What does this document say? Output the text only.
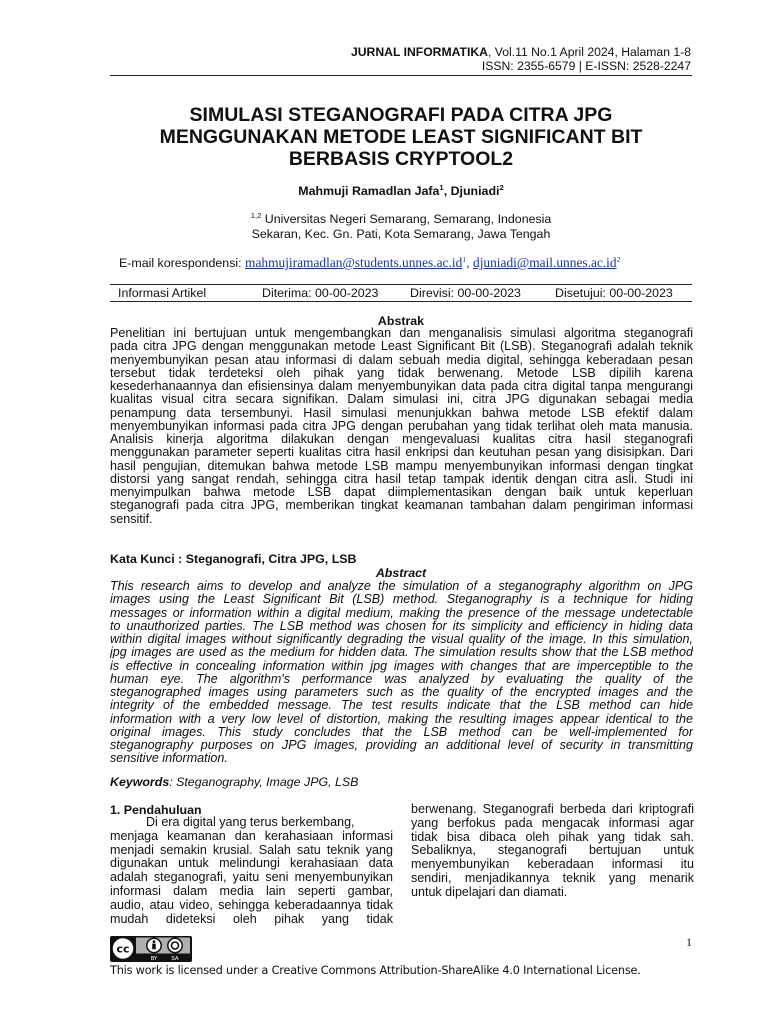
JURNAL INFORMATIKA, Vol.11 No.1 April 2024, Halaman 1-8
ISSN: 2355-6579 | E-ISSN: 2528-2247
SIMULASI STEGANOGRAFI PADA CITRA JPG
MENGGUNAKAN METODE LEAST SIGNIFICANT BIT
BERBASIS CRYPTOOL2
Mahmuji Ramadlan Jafa$^1$, Djuniadi$^2$
$^{1,2}$ Universitas Negeri Semarang, Semarang, Indonesia
Sekaran, Kec. Gn. Pati, Kota Semarang, Jawa Tengah
E-mail korespondensi: $mahmujiramadlan@students.unnes.ac.id^1$, $djuniadi@mail.unnes.ac.id^2$
Informasi Artikel	Diterima: 00-00-2023	Direvisi: 00-00-2023	Disetujui: 00-00-2023
Abstrak
Penelitian ini bertujuan untuk mengembangkan dan menganalisis simulasi algoritma steganografi
pada citra JPG dengan menggunakan metode Least Significant Bit (LSB). Steganografi adalah teknik
menyembunyikan pesan atau informasi di dalam sebuah media digital, sehingga keberadaan pesan
tersebut tidak terdeteksi oleh pihak yang tidak berwenang. Metode LSB dipilih karena
kesederhanaannya dan efisiensinya dalam menyembunyikan data pada citra digital tanpa mengurangi
kualitas visual citra secara signifikan. Dalam simulasi ini, citra JPG digunakan sebagai media
penampung data tersembunyi. Hasil simulasi menunjukkan bahwa metode LSB efektif dalam
menyembunyikan informasi pada citra JPG dengan perubahan yang tidak terlihat oleh mata manusia.
Analisis kinerja algoritma dilakukan dengan mengevaluasi kualitas citra hasil steganografi
menggunakan parameter seperti kualitas citra hasil enkripsi dan keutuhan pesan yang disisipkan. Dari
hasil pengujian, ditemukan bahwa metode LSB mampu menyembunyikan informasi dengan tingkat
distorsi yang sangat rendah, sehingga citra hasil tetap tampak identik dengan citra asli. Studi ini
menyimpulkan bahwa metode LSB dapat diimplementasikan dengan baik untuk keperluan
steganografi pada citra JPG, memberikan tingkat keamanan tambahan dalam pengiriman informasi
sensitif.
Kata Kunci : Steganografi, Citra JPG, LSB
Abstract
This research aims to develop and analyze the simulation of a steganography algorithm on JPG
images using the Least Significant Bit (LSB) method. Steganography is a technique for hiding
messages or information within a digital medium, making the presence of the message undetectable
to unauthorized parties. The LSB method was chosen for its simplicity and efficiency in hiding data
within digital images without significantly degrading the visual quality of the image. In this simulation,
jpg images are used as the medium for hidden data. The simulation results show that the LSB method
is effective in concealing information within jpg images with changes that are imperceptible to the
human eye. The algorithm's performance was analyzed by evaluating the quality of the
steganographed images using parameters such as the quality of the encrypted images and the
integrity of the embedded message. The test results indicate that the LSB method can hide
information with a very low level of distortion, making the resulting images appear identical to the
original images. This study concludes that the LSB method can be well-implemented for
steganography purposes on JPG images, providing an additional level of security in transmitting
sensitive information.
Keywords: Steganography, Image JPG, LSB
1. Pendahuluan
Di era digital yang terus berkembang,
menjaga keamanan dan kerahasiaan informasi
menjadi semakin krusial. Salah satu teknik yang
digunakan untuk melindungi kerahasiaan data
adalah steganografi, yaitu seni menyembunyikan
informasi dalam media lain seperti gambar,
audio, atau video, sehingga keberadaannya tidak
mudah dideteksi oleh pihak yang tidak
berwenang. Steganografi berbeda dari kriptografi
yang berfokus pada mengacak informasi agar
tidak bisa dibaca oleh pihak yang tidak sah.
Sebaliknya, steganografi bertujuan untuk
menyembunyikan keberadaan informasi itu
sendiri, menjadikannya teknik yang menarik
untuk dipelajari dan diamati.
cc
BY	SA
1
This work is licensed under a Creative Commons Attribution-ShareAlike 4.0 International License.
